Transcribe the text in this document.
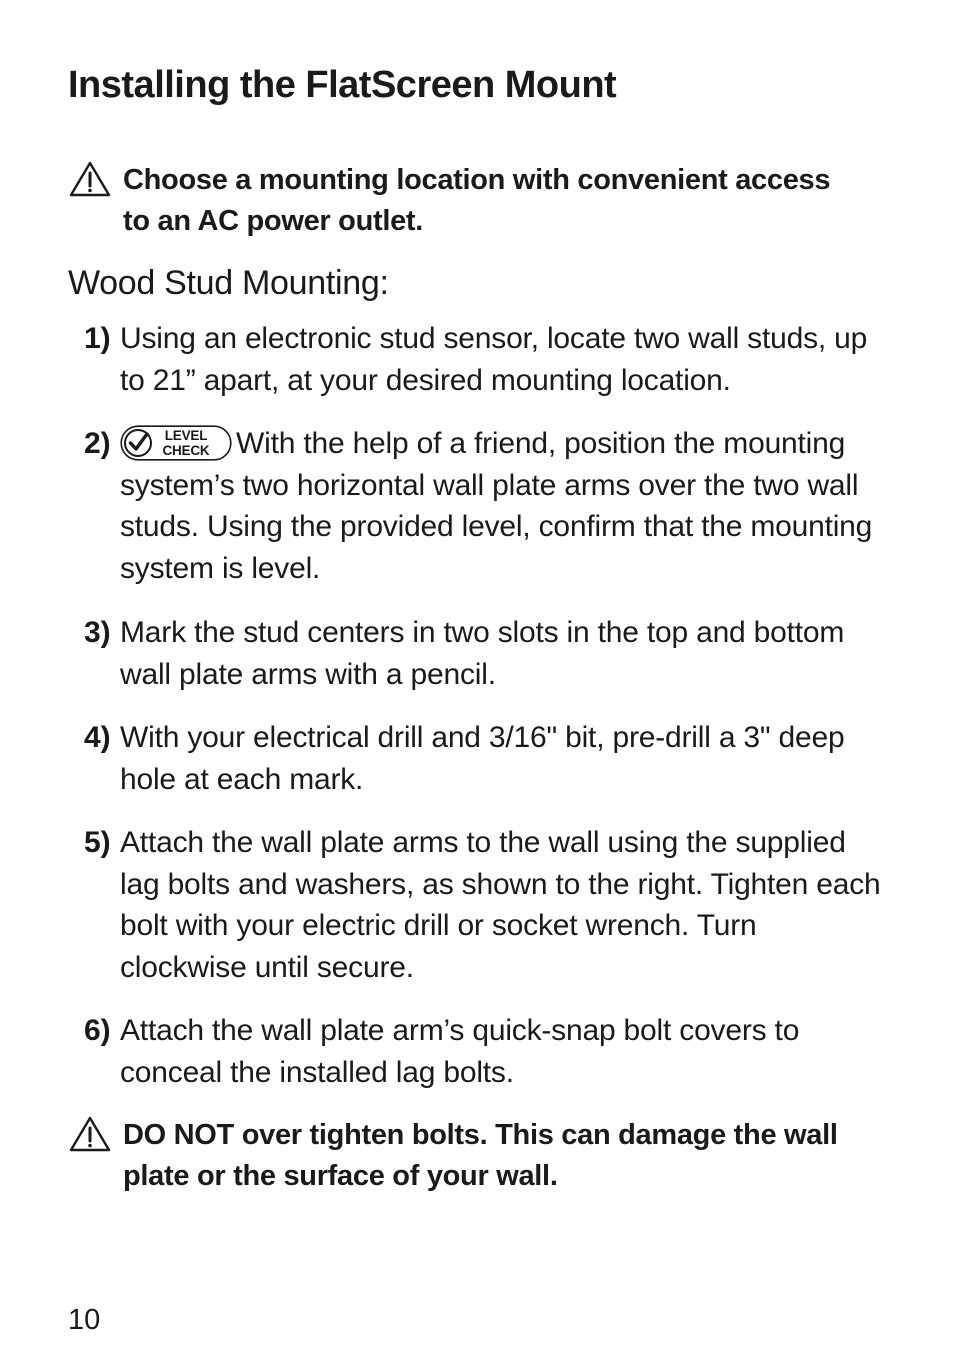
Installing the FlatScreen Mount

Choose a mounting location with convenient access to an AC power outlet.

Wood Stud Mounting:
1) Using an electronic stud sensor, locate two wall studs, up to 21” apart, at your desired mounting location.

2)	LEVEL
CHECK With the help of a friend, position the mounting system’s two horizontal wall plate arms over the two wall studs. Using the provided level, confirm that the mounting system is level.

3) Mark the stud centers in two slots in the top and bottom wall plate arms with a pencil.

4) With your electrical drill and 3/16" bit, pre-drill a 3" deep hole at each mark.

5) Attach the wall plate arms to the wall using the supplied lag bolts and washers, as shown to the right. Tighten each bolt with your electric drill or socket wrench. Turn clockwise until secure.

6) Attach the wall plate arm’s quick-snap bolt covers to conceal the installed lag bolts.

DO NOT over tighten bolts. This can damage the wall plate or the surface of your wall.

10
